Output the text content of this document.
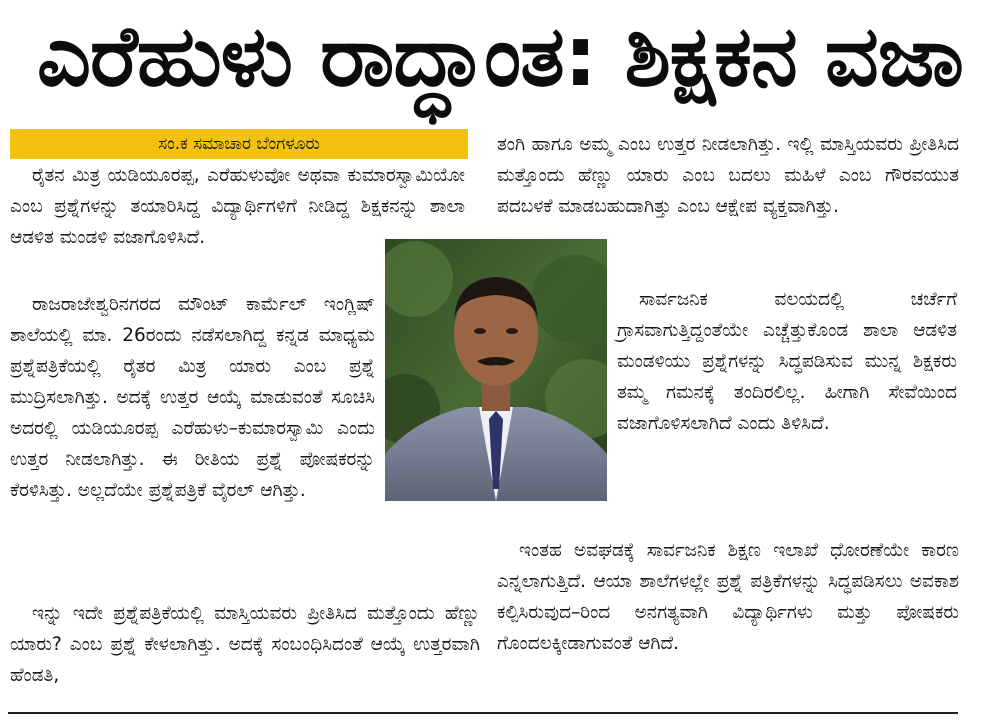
ಎರೆಹುಳು ರಾದ್ಧಾಂತ: ಶಿಕ್ಷಕನ ವಜಾ
ಸಂ.ಕ ಸಮಾಚಾರ ಬೆಂಗಳೂರು

ರೈತನ ಮಿತ್ರ ಯಡಿಯೂರಪ್ಪ, ಎರೆಹುಳುವೋ ಅಥವಾ ಕುಮಾರಸ್ವಾಮಿಯೋ ಎಂಬ ಪ್ರಶ್ನೆಗಳನ್ನು ತಯಾರಿಸಿದ್ದ ವಿದ್ಯಾರ್ಥಿಗಳಿಗೆ ನೀಡಿದ್ದ ಶಿಕ್ಷಕನನ್ನು ಶಾಲಾ ಆಡಳಿತ ಮಂಡಳಿ ವಜಾಗೊಳಿಸಿದೆ.

ರಾಜರಾಜೇಶ್ವರಿನಗರದ ಮೌಂಟ್ ಕಾರ್ಮೆಲ್ ಇಂಗ್ಲಿಷ್ ಶಾಲೆಯಲ್ಲಿ ಮಾ. 26ರಂದು ನಡೆಸಲಾಗಿದ್ದ ಕನ್ನಡ ಮಾಧ್ಯಮ ಪ್ರಶ್ನೆಪತ್ರಿಕೆಯಲ್ಲಿ ರೈತರ ಮಿತ್ರ ಯಾರು ಎಂಬ ಪ್ರಶ್ನೆ ಮುದ್ರಿಸಲಾಗಿತ್ತು. ಅದಕ್ಕೆ ಉತ್ತರ ಆಯ್ಕೆ ಮಾಡುವಂತೆ ಸೂಚಿಸಿ ಅದರಲ್ಲಿ ಯಡಿಯೂರಪ್ಪ ಎರೆಹುಳು–ಕುಮಾರಸ್ವಾಮಿ ಎಂದು ಉತ್ತರ ನೀಡಲಾಗಿತ್ತು. ಈ ರೀತಿಯ ಪ್ರಶ್ನೆ ಪೋಷಕರನ್ನು ಕೆರಳಿಸಿತ್ತು. ಅಲ್ಲದೆಯೇ ಪ್ರಶ್ನೆಪತ್ರಿಕೆ ವೈರಲ್ ಆಗಿತ್ತು.

ಇನ್ನು ಇದೇ ಪ್ರಶ್ನೆಪತ್ರಿಕೆಯಲ್ಲಿ ಮಾಸ್ತಿಯವರು ಪ್ರೀತಿಸಿದ ಮತ್ತೊಂದು ಹೆಣ್ಣು ಯಾರು? ಎಂಬ ಪ್ರಶ್ನೆ ಕೇಳಲಾಗಿತ್ತು. ಅದಕ್ಕೆ ಸಂಬಂಧಿಸಿದಂತೆ ಆಯ್ಕೆ ಉತ್ತರವಾಗಿ ಹೆಂಡತಿ,

ತಂಗಿ ಹಾಗೂ ಅಮ್ಮ ಎಂಬ ಉತ್ತರ ನೀಡಲಾಗಿತ್ತು. ಇಲ್ಲಿ ಮಾಸ್ತಿಯವರು ಪ್ರೀತಿಸಿದ ಮತ್ತೊಂದು ಹೆಣ್ಣು ಯಾರು ಎಂಬ ಬದಲು ಮಹಿಳೆ ಎಂಬ ಗೌರವಯುತ ಪದಬಳಕೆ ಮಾಡಬಹುದಾಗಿತ್ತು ಎಂಬ ಆಕ್ಷೇಪ ವ್ಯಕ್ತವಾಗಿತ್ತು.

ಸಾರ್ವಜನಿಕ ವಲಯದಲ್ಲಿ ಚರ್ಚೆಗೆ ಗ್ರಾಸವಾಗುತ್ತಿದ್ದಂತೆಯೇ ಎಚ್ಚೆತ್ತುಕೊಂಡ ಶಾಲಾ ಆಡಳಿತ ಮಂಡಳಿಯು ಪ್ರಶ್ನೆಗಳನ್ನು ಸಿದ್ಧಪಡಿಸುವ ಮುನ್ನ ಶಿಕ್ಷಕರು ತಮ್ಮ ಗಮನಕ್ಕೆ ತಂದಿರಲಿಲ್ಲ. ಹೀಗಾಗಿ ಸೇವೆಯಿಂದ ವಜಾಗೊಳಿಸಲಾಗಿದೆ ಎಂದು ತಿಳಿಸಿದೆ.

ಇಂತಹ ಅವಘಡಕ್ಕೆ ಸಾರ್ವಜನಿಕ ಶಿಕ್ಷಣ ಇಲಾಖೆ ಧೋರಣೆಯೇ ಕಾರಣ ಎನ್ನಲಾಗುತ್ತಿದೆ. ಆಯಾ ಶಾಲೆಗಳಲ್ಲೇ ಪ್ರಶ್ನೆ ಪತ್ರಿಕೆಗಳನ್ನು ಸಿದ್ಧಪಡಿಸಲು ಅವಕಾಶ ಕಲ್ಪಿಸಿರುವುದ–ರಿಂದ ಅನಗತ್ಯವಾಗಿ ವಿದ್ಯಾರ್ಥಿಗಳು ಮತ್ತು ಪೋಷಕರು ಗೊಂದಲಕ್ಕೀಡಾಗುವಂತೆ ಆಗಿದೆ.
